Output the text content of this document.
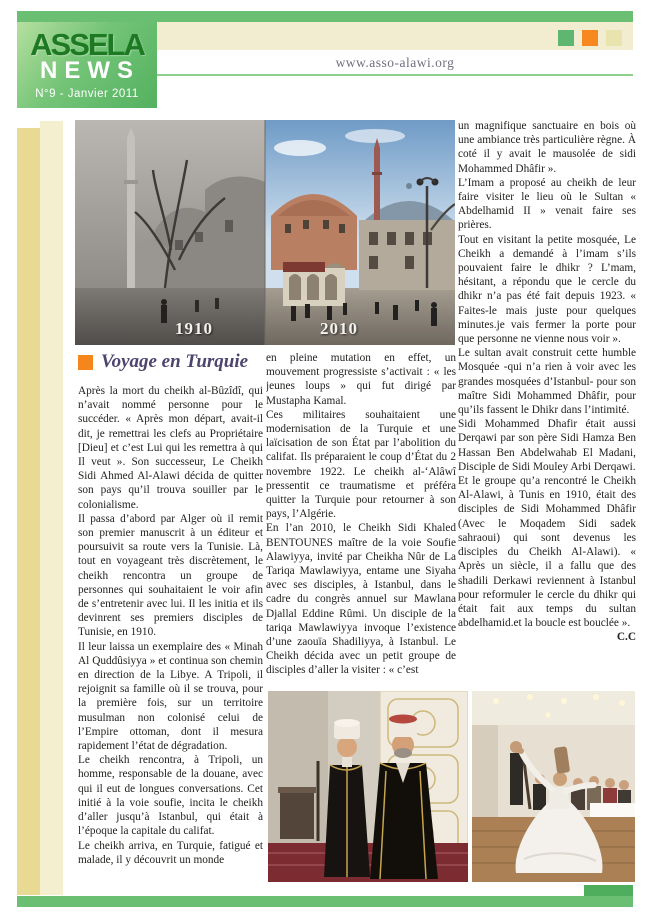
ASSELA
NEWS
N°9 - Janvier 2011
www.asso-alawi.org
1910	2010
Voyage en Turquie

Après la mort du cheikh al-Bûzîdî, qui n’avait nommé personne pour le succéder. « Après mon départ, avait-il dit, je remettrai les clefs au Propriétaire [Dieu] et c’est Lui qui les remettra à qui Il veut ». Son successeur, Le Cheikh Sidi Ahmed Al-Alawi décida de quitter son pays qu’il trouva souiller par le colonialisme.

Il passa d’abord par Alger où il remit son premier manuscrit à un éditeur et poursuivit sa route vers la Tunisie. Là, tout en voyageant très discrètement, le cheikh rencontra un groupe de personnes qui souhaitaient le voir afin de s’entretenir avec lui. Il les initia et ils devinrent ses premiers disciples de Tunisie, en 1910.

Il leur laissa un exemplaire des « Minah Al Quddûsiyya » et continua son chemin en direction de la Libye. A Tripoli, il rejoignit sa famille où il se trouva, pour la première fois, sur un territoire musulman non colonisé celui de l’Empire ottoman, dont il mesura rapidement l’état de dégradation.

Le cheikh rencontra, à Tripoli, un homme, responsable de la douane, avec qui il eut de longues conversations. Cet initié à la voie soufie, incita le cheikh d’aller jusqu’à Istanbul, qui était à l’époque la capitale du califat.

Le cheikh arriva, en Turquie, fatigué et malade, il y découvrit un monde

en pleine mutation en effet, un mouvement progressiste s’activait : « les jeunes loups » qui fut dirigé par Mustapha Kamal.

Ces militaires souhaitaient une modernisation de la Turquie et une laïcisation de son État par l’abolition du califat. Ils préparaient le coup d’État du 2 novembre 1922. Le cheikh al-‘Alâwî pressentit ce traumatisme et préféra quitter la Turquie pour retourner à son pays, l’Algérie.

En l’an 2010, le Cheikh Sidi Khaled BENTOUNES maître de la voie Soufie Alawiyya, invité par Cheikha Nûr de La Tariqa Mawlawiyya, entame une Siyaha avec ses disciples, à Istanbul, dans le cadre du congrès annuel sur Mawlana Djallal Eddine Rûmi. Un disciple de la tariqa Mawlawiyya invoque l’existence d’une zaouïa Shadiliyya, à Istanbul. Le Cheikh décida avec un petit groupe de disciples d’aller la visiter : « c’est

un magnifique sanctuaire en bois où une ambiance très particulière règne. À coté il y avait le mausolée de sidi Mohammed Dhâfir ».

L’Imam a proposé au cheikh de leur faire visiter le lieu où le Sultan « Abdelhamid II » venait faire ses prières.

Tout en visitant la petite mosquée, Le Cheikh a demandé à l’imam s’ils pouvaient faire le dhikr ? L’mam, hésitant, a répondu que le cercle du dhikr n’a pas été fait depuis 1923. « Faites-le mais juste pour quelques minutes.je vais fermer la porte pour que personne ne vienne nous voir ».

Le sultan avait construit cette humble Mosquée -qui n’a rien à voir avec les grandes mosquées d’Istanbul- pour son maître Sidi Mohammed Dhâfir, pour qu’ils fassent le Dhikr dans l’intimité.

Sidi Mohammed Dhafir était aussi Derqawi par son père Sidi Hamza Ben Hassan Ben Abdelwahab El Madani, Disciple de Sidi Mouley Arbi Derqawi.

Et le groupe qu’a rencontré le Cheikh Al-Alawi, à Tunis en 1910, était des disciples de Sidi Mohammed Dhâfir (Avec le Moqadem Sidi sadek sahraoui) qui sont devenus les disciples du Cheikh Al-Alawi). « Après un siècle, il a fallu que des shadili Derkawi reviennent à Istanbul pour reformuler le cercle du dhikr qui était fait aux temps du sultan abdelhamid.et la boucle est bouclée ».

C.C
